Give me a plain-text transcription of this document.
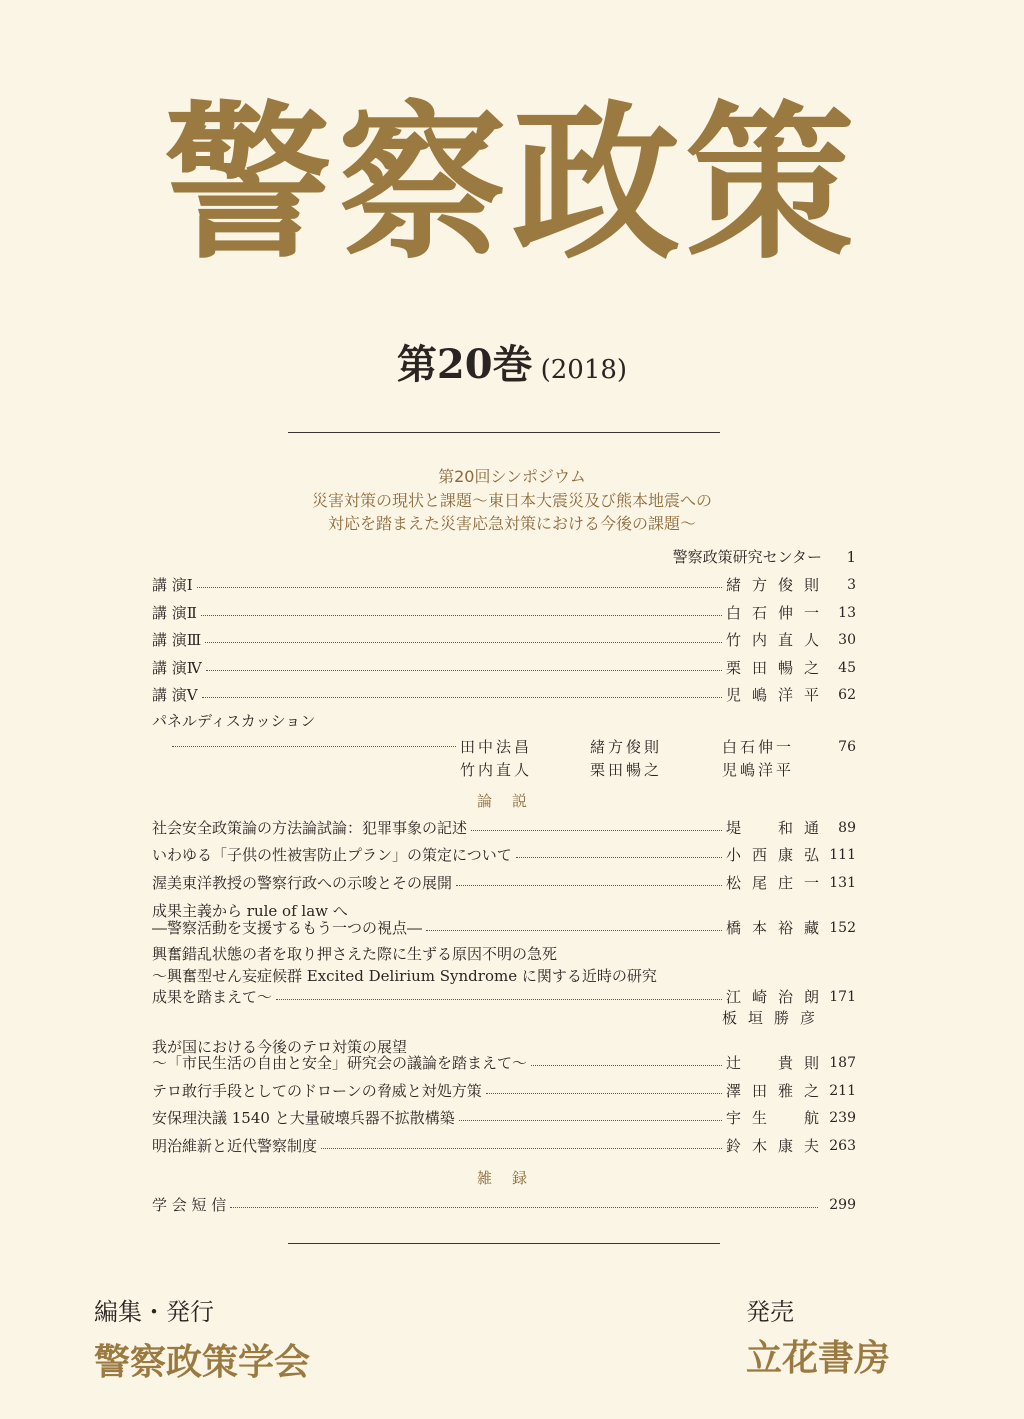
警察政策
第20巻 (2018)
第20回シンポジウム
災害対策の現状と課題～東日本大震災及び熊本地震への
対応を踏まえた災害応急対策における今後の課題～
警察政策研究センター	1
講 演Ⅰ	緒方俊則	3
講 演Ⅱ	白石伸一	13
講 演Ⅲ	竹内直人	30
講 演Ⅳ	栗田暢之	45
講 演Ⅴ	児嶋洋平	62
パネルディスカッション
田中法昌	緒方俊則	白石伸一	76
竹内直人	栗田暢之	児嶋洋平
論説
社会安全政策論の方法論試論：犯罪事象の記述	堤　和通	89
いわゆる「子供の性被害防止プラン」の策定について	小西康弘 111
渥美東洋教授の警察行政への示唆とその展開	松尾庄一 131
成果主義から rule of law へ
―警察活動を支援するもう一つの視点―	橋本裕藏 152
興奮錯乱状態の者を取り押さえた際に生ずる原因不明の急死
～興奮型せん妄症候群 Excited Delirium Syndrome に関する近時の研究
成果を踏まえて～	江崎治朗 171
板垣勝彦
我が国における今後のテロ対策の展望
～「市民生活の自由と安全」研究会の議論を踏まえて～	辻　貴則 187
テロ敢行手段としてのドローンの脅威と対処方策	澤田雅之 211
安保理決議 1540 と大量破壊兵器不拡散構築	宇生　航 239
明治維新と近代警察制度	鈴木康夫 263
雑録
学 会 短 信	299
編集・発行
警察政策学会
発売
立花書房
